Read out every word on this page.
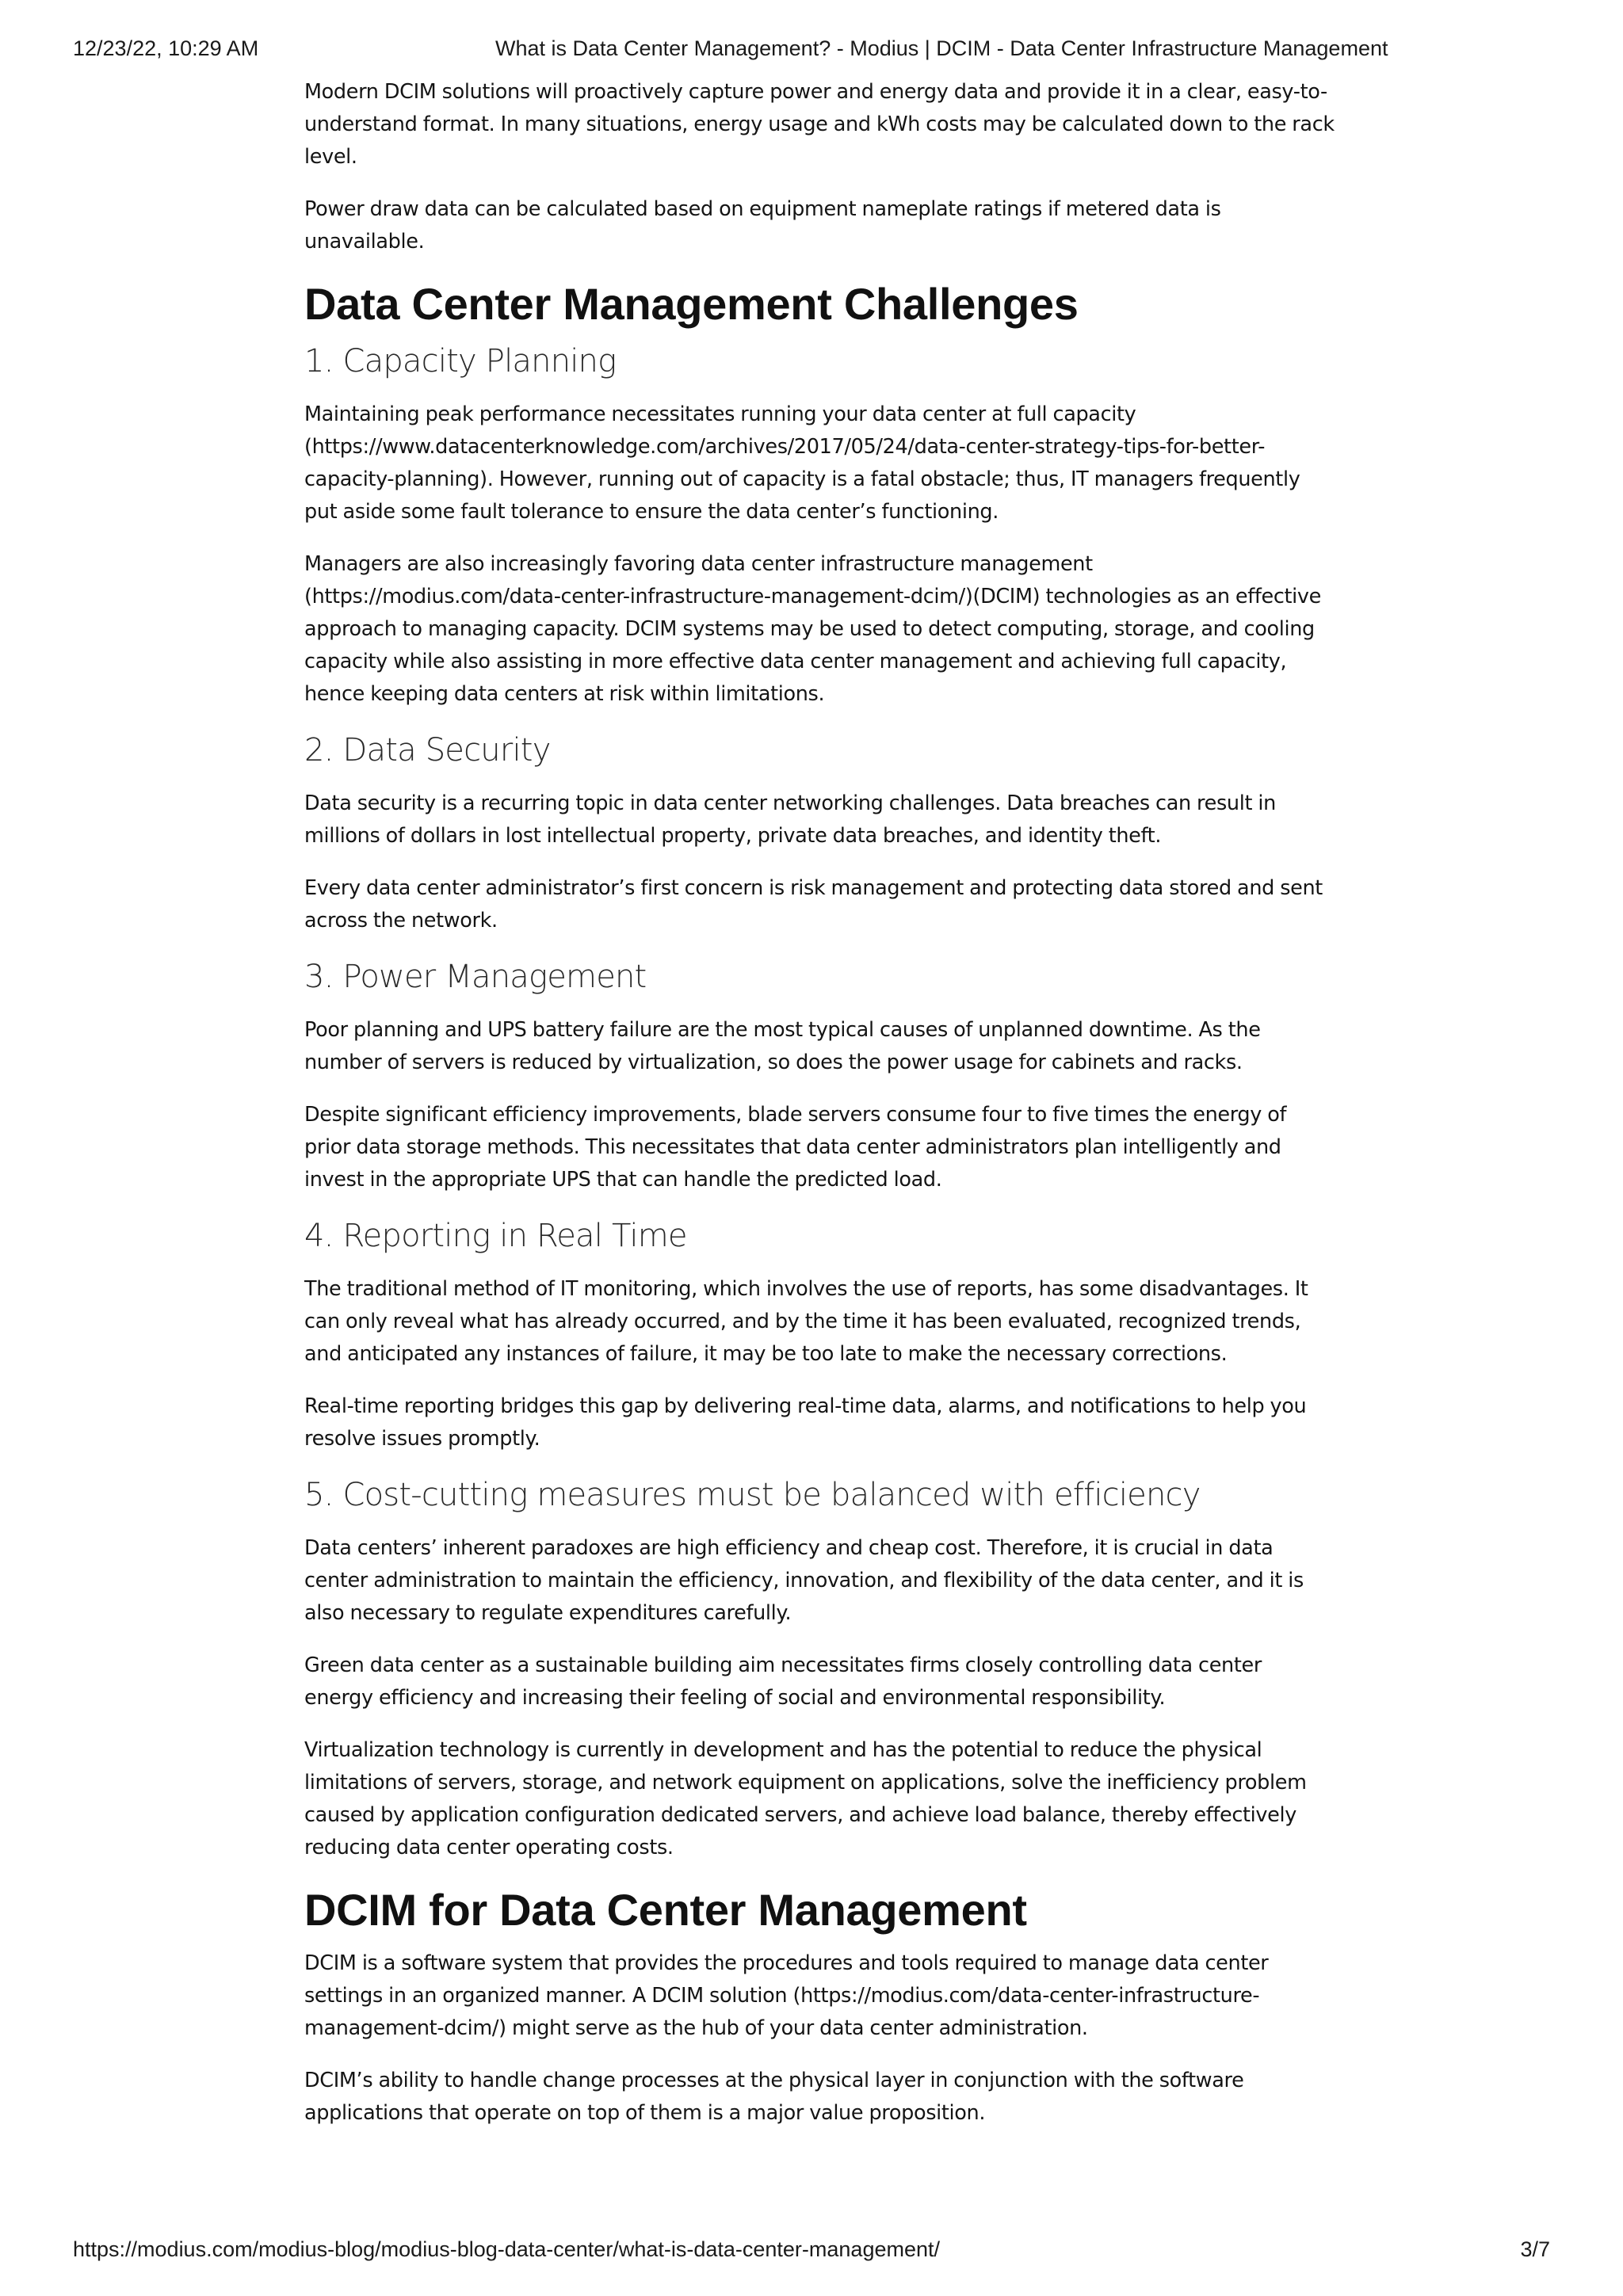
12/23/22, 10:29 AM	What is Data Center Management? - Modius | DCIM - Data Center Infrastructure Management

Modern DCIM solutions will proactively capture power and energy data and provide it in a clear, easy-to-understand format. In many situations, energy usage and kWh costs may be calculated down to the rack level.

Power draw data can be calculated based on equipment nameplate ratings if metered data is unavailable.

Data Center Management Challenges
1. Capacity Planning

Maintaining peak performance necessitates running your data center at full capacity (https://www.datacenterknowledge.com/archives/2017/05/24/data-center-strategy-tips-for-better-capacity-planning). However, running out of capacity is a fatal obstacle; thus, IT managers frequently put aside some fault tolerance to ensure the data center’s functioning.

Managers are also increasingly favoring data center infrastructure management (https://modius.com/data-center-infrastructure-management-dcim/)(DCIM) technologies as an effective approach to managing capacity. DCIM systems may be used to detect computing, storage, and cooling capacity while also assisting in more effective data center management and achieving full capacity, hence keeping data centers at risk within limitations.

2. Data Security

Data security is a recurring topic in data center networking challenges. Data breaches can result in millions of dollars in lost intellectual property, private data breaches, and identity theft.

Every data center administrator’s first concern is risk management and protecting data stored and sent across the network.

3. Power Management

Poor planning and UPS battery failure are the most typical causes of unplanned downtime. As the number of servers is reduced by virtualization, so does the power usage for cabinets and racks.

Despite significant efficiency improvements, blade servers consume four to five times the energy of prior data storage methods. This necessitates that data center administrators plan intelligently and invest in the appropriate UPS that can handle the predicted load.

4. Reporting in Real Time

The traditional method of IT monitoring, which involves the use of reports, has some disadvantages. It can only reveal what has already occurred, and by the time it has been evaluated, recognized trends, and anticipated any instances of failure, it may be too late to make the necessary corrections.

Real-time reporting bridges this gap by delivering real-time data, alarms, and notifications to help you resolve issues promptly.

5. Cost-cutting measures must be balanced with efficiency

Data centers’ inherent paradoxes are high efficiency and cheap cost. Therefore, it is crucial in data center administration to maintain the efficiency, innovation, and flexibility of the data center, and it is also necessary to regulate expenditures carefully.

Green data center as a sustainable building aim necessitates firms closely controlling data center energy efficiency and increasing their feeling of social and environmental responsibility.

Virtualization technology is currently in development and has the potential to reduce the physical limitations of servers, storage, and network equipment on applications, solve the inefficiency problem caused by application configuration dedicated servers, and achieve load balance, thereby effectively reducing data center operating costs.

DCIM for Data Center Management

DCIM is a software system that provides the procedures and tools required to manage data center settings in an organized manner. A DCIM solution (https://modius.com/data-center-infrastructure-management-dcim/) might serve as the hub of your data center administration.

DCIM’s ability to handle change processes at the physical layer in conjunction with the software applications that operate on top of them is a major value proposition.

https://modius.com/modius-blog/modius-blog-data-center/what-is-data-center-management/	3/7
